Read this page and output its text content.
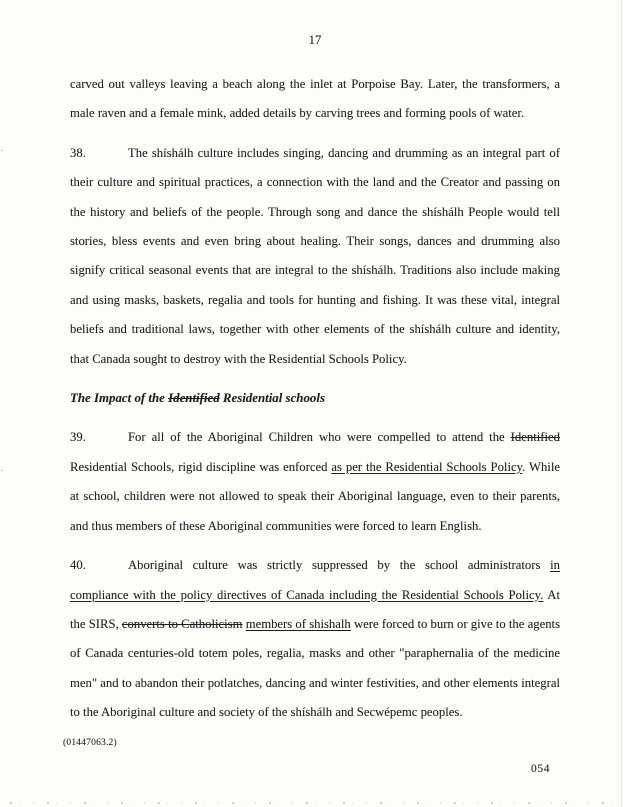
17

carved out valleys leaving a beach along the inlet at Porpoise Bay. Later, the transformers, a male raven and a female mink, added details by carving trees and forming pools of water.

38.	The shíshálh culture includes singing, dancing and drumming as an integral part of their culture and spiritual practices, a connection with the land and the Creator and passing on the history and beliefs of the people. Through song and dance the shíshálh People would tell stories, bless events and even bring about healing. Their songs, dances and drumming also signify critical seasonal events that are integral to the shíshálh. Traditions also include making and using masks, baskets, regalia and tools for hunting and fishing. It was these vital, integral beliefs and traditional laws, together with other elements of the shíshálh culture and identity, that Canada sought to destroy with the Residential Schools Policy.

The Impact of the Identified Residential schools

39.	For all of the Aboriginal Children who were compelled to attend the Identified Residential Schools, rigid discipline was enforced as per the Residential Schools Policy. While at school, children were not allowed to speak their Aboriginal language, even to their parents, and thus members of these Aboriginal communities were forced to learn English.

40.	Aboriginal culture was strictly suppressed by the school administrators in compliance with the policy directives of Canada including the Residential Schools Policy. At the SIRS, converts to Catholicism members of shishalh were forced to burn or give to the agents of Canada centuries-old totem poles, regalia, masks and other "paraphernalia of the medicine men" and to abandon their potlatches, dancing and winter festivities, and other elements integral to the Aboriginal culture and society of the shíshálh and Secwépemc peoples.

(01447063.2)
054
